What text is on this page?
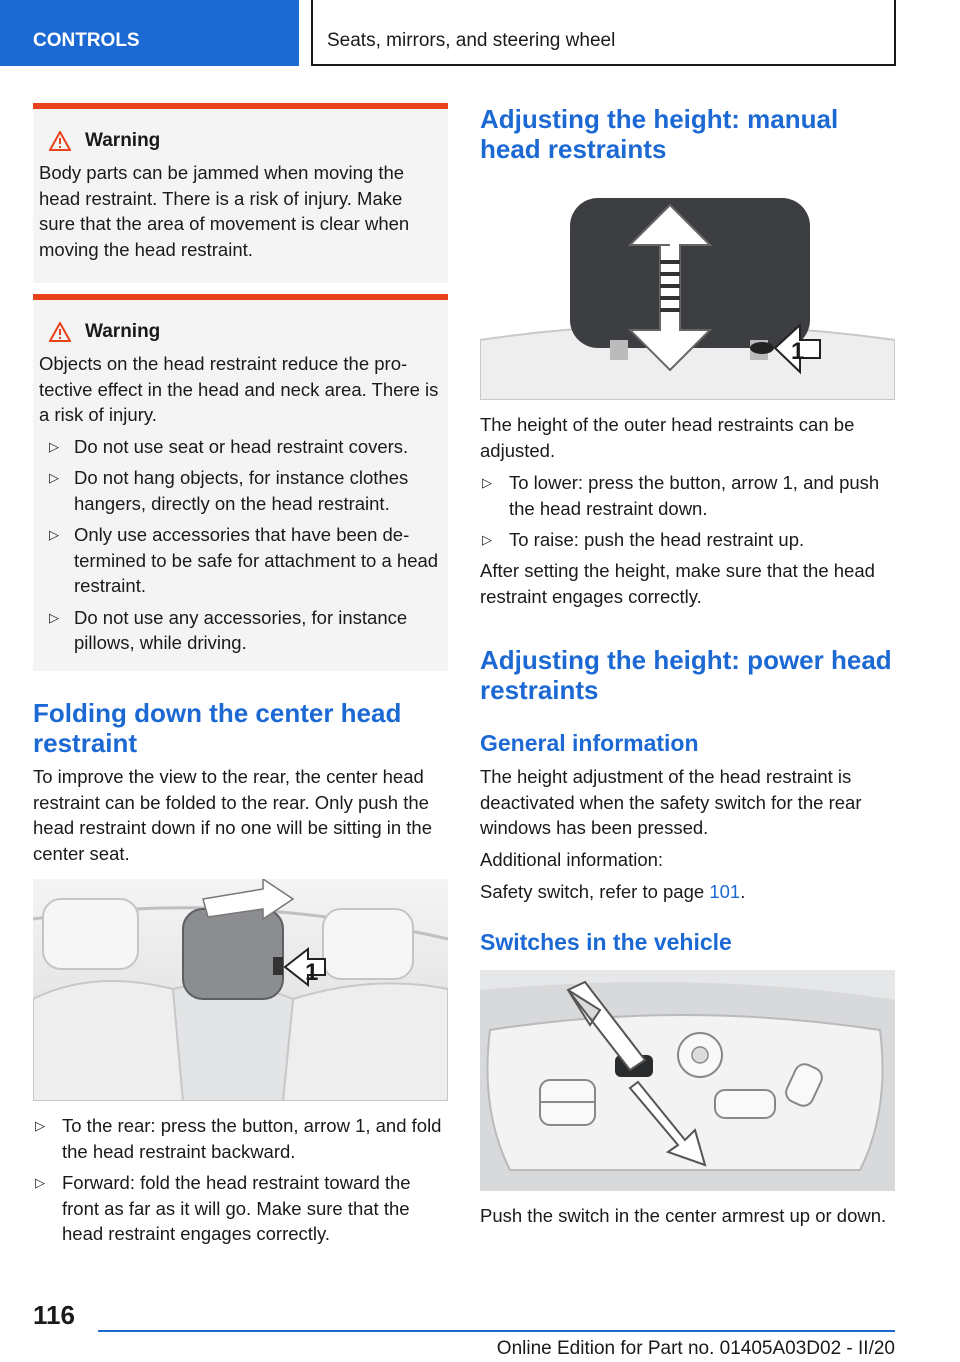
CONTROLS	Seats, mirrors, and steering wheel
Warning
Body parts can be jammed when moving the head restraint. There is a risk of injury. Make sure that the area of movement is clear when moving the head restraint.
Warning
Objects on the head restraint reduce the protective effect in the head and neck area. There is a risk of injury.
▷ Do not use seat or head restraint covers.
▷ Do not hang objects, for instance clothes hangers, directly on the head restraint.
▷ Only use accessories that have been determined to be safe for attachment to a head restraint.
▷ Do not use any accessories, for instance pillows, while driving.
Folding down the center head restraint
To improve the view to the rear, the center head restraint can be folded to the rear. Only push the head restraint down if no one will be sitting in the center seat.
1
▷ To the rear: press the button, arrow 1, and fold the head restraint backward.
▷ Forward: fold the head restraint toward the front as far as it will go. Make sure that the head restraint engages correctly.
Adjusting the height: manual head restraints
1
The height of the outer head restraints can be adjusted.
▷ To lower: press the button, arrow 1, and push the head restraint down.
▷ To raise: push the head restraint up.
After setting the height, make sure that the head restraint engages correctly.
Adjusting the height: power head restraints
General information
The height adjustment of the head restraint is deactivated when the safety switch for the rear windows has been pressed.
Additional information:
Safety switch, refer to page 101.
Switches in the vehicle
Push the switch in the center armrest up or down.
116
Online Edition for Part no. 01405A03D02 - II/20
